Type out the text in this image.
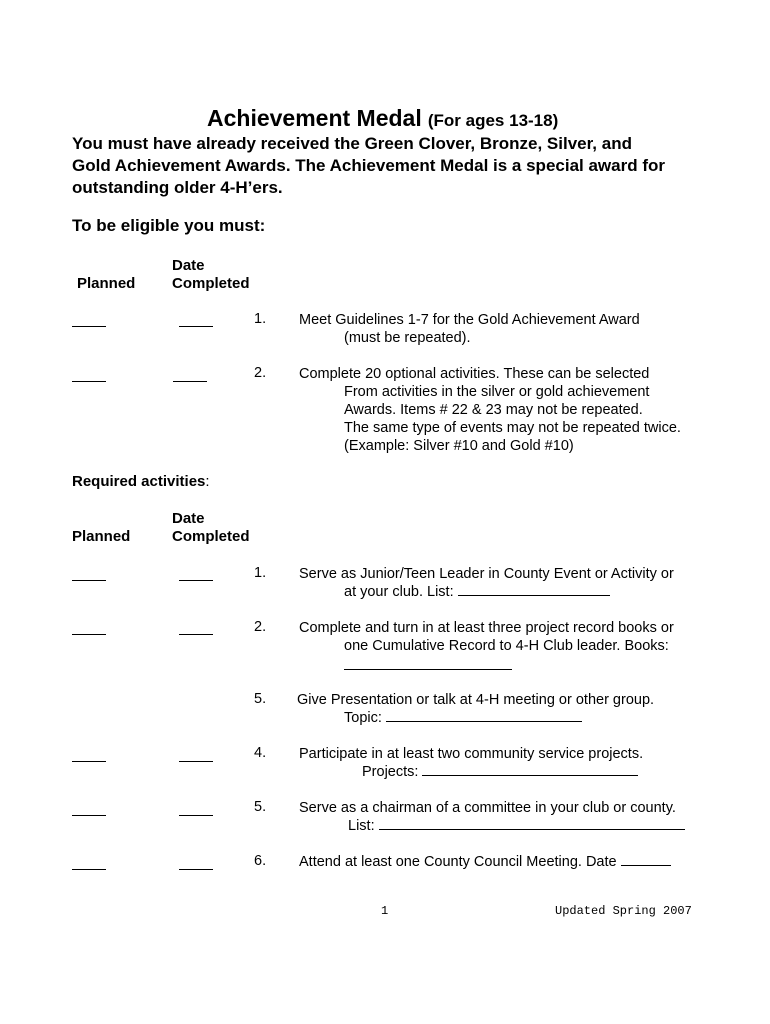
Achievement Medal (For ages 13-18)
You must have already received the Green Clover, Bronze, Silver, and
Gold Achievement Awards. The Achievement Medal is a special award for
outstanding older 4-H’ers.
To be eligible you must:
Date
Planned Completed
1. Meet Guidelines 1-7 for the Gold Achievement Award
(must be repeated).
2. Complete 20 optional activities. These can be selected
From activities in the silver or gold achievement
Awards. Items # 22 & 23 may not be repeated.
The same type of events may not be repeated twice.
(Example: Silver #10 and Gold #10)
Required activities:
Date
Planned	Completed
1. Serve as Junior/Teen Leader in County Event or Activity or
at your club. List:
2. Complete and turn in at least three project record books or
one Cumulative Record to 4-H Club leader. Books:
5. Give Presentation or talk at 4-H meeting or other group.
Topic:
4. Participate in at least two community service projects.
Projects:
5. Serve as a chairman of a committee in your club or county.
List:
6. Attend at least one County Council Meeting. Date
1	Updated Spring 2007
